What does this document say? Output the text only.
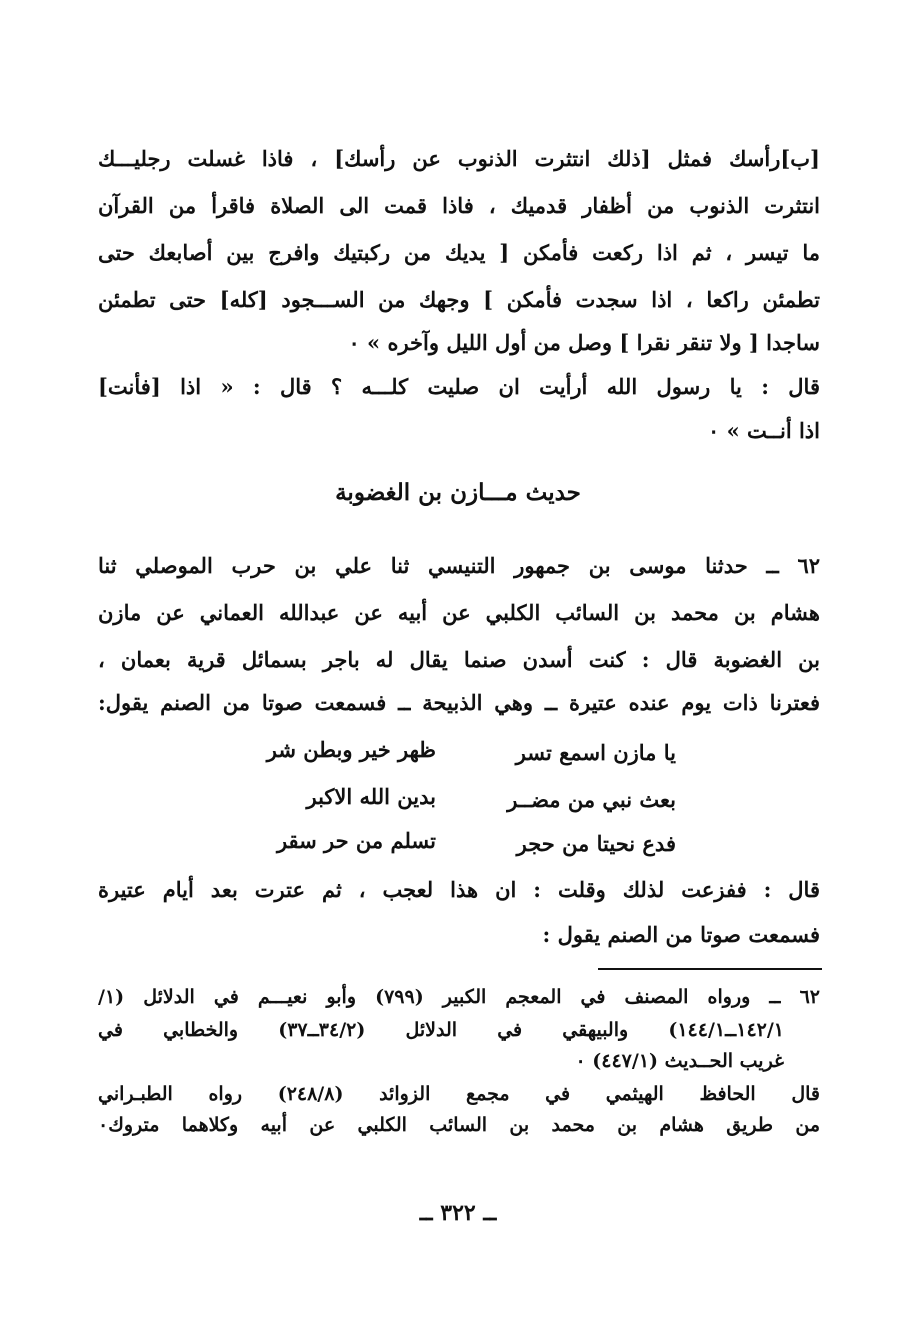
[ب]رأسك فمثل [ذلك انتثرت الذنوب عن رأسك] ، فاذا غسلت رجليـــك
انتثرت الذنوب من أظفار قدميك ، فاذا قمت الى الصلاة فاقرأ من القرآن
ما تيسر ، ثم اذا ركعت فأمكن [ يديك من ركبتيك وافرج بين أصابعك حتى
تطمئن راكعا ، اذا سجدت فأمكن ] وجهك من الســـجود [كله] حتى تطمئن
ساجدا [ ولا تنقر نقرا ] وصل من أول الليل وآخره » ٠
قال : يا رسول الله أرأيت ان صليت كلـــه ؟ قال : « اذا [فأنت]
اذا أنــت » ٠
حديث مـــازن بن الغضوبة
٦٢ ــ حدثنا موسى بن جمهور التنيسي ثنا علي بن حرب الموصلي ثنا
هشام بن محمد بن السائب الكلبي عن أبيه عن عبدالله العماني عن مازن
بن الغضوبة قال : كنت أسدن صنما يقال له باجر بسمائل قرية بعمان ،
فعترنا ذات يوم عنده عتيرة ــ وهي الذبيحة ــ فسمعت صوتا من الصنم يقول:
يا مازن اسمع تسر
ظهر خير وبطن شر
بعث نبي من مضــر
بدين الله الاكبر
فدع نحيتا من حجر
تسلم من حر سقر
قال : ففزعت لذلك وقلت : ان هذا لعجب ، ثم عترت بعد أيام عتيرة
فسمعت صوتا من الصنم يقول :
٦٢ ــ ورواه المصنف في المعجم الكبير (٧٩٩) وأبو نعيـــم في الدلائل (١/
١٤٢/١ــ١٤٤/١) والبيهقي في الدلائل (٣٤/٢ــ٣٧) والخطابي في
غريب الحــديث (٤٤٧/١) ٠
قال الحافظ الهيثمي في مجمع الزوائد (٢٤٨/٨) رواه الطبـراني
من طريق هشام بن محمد بن السائب الكلبي عن أبيه وكلاهما متروك٠
ــ ٣٢٢ ــ
